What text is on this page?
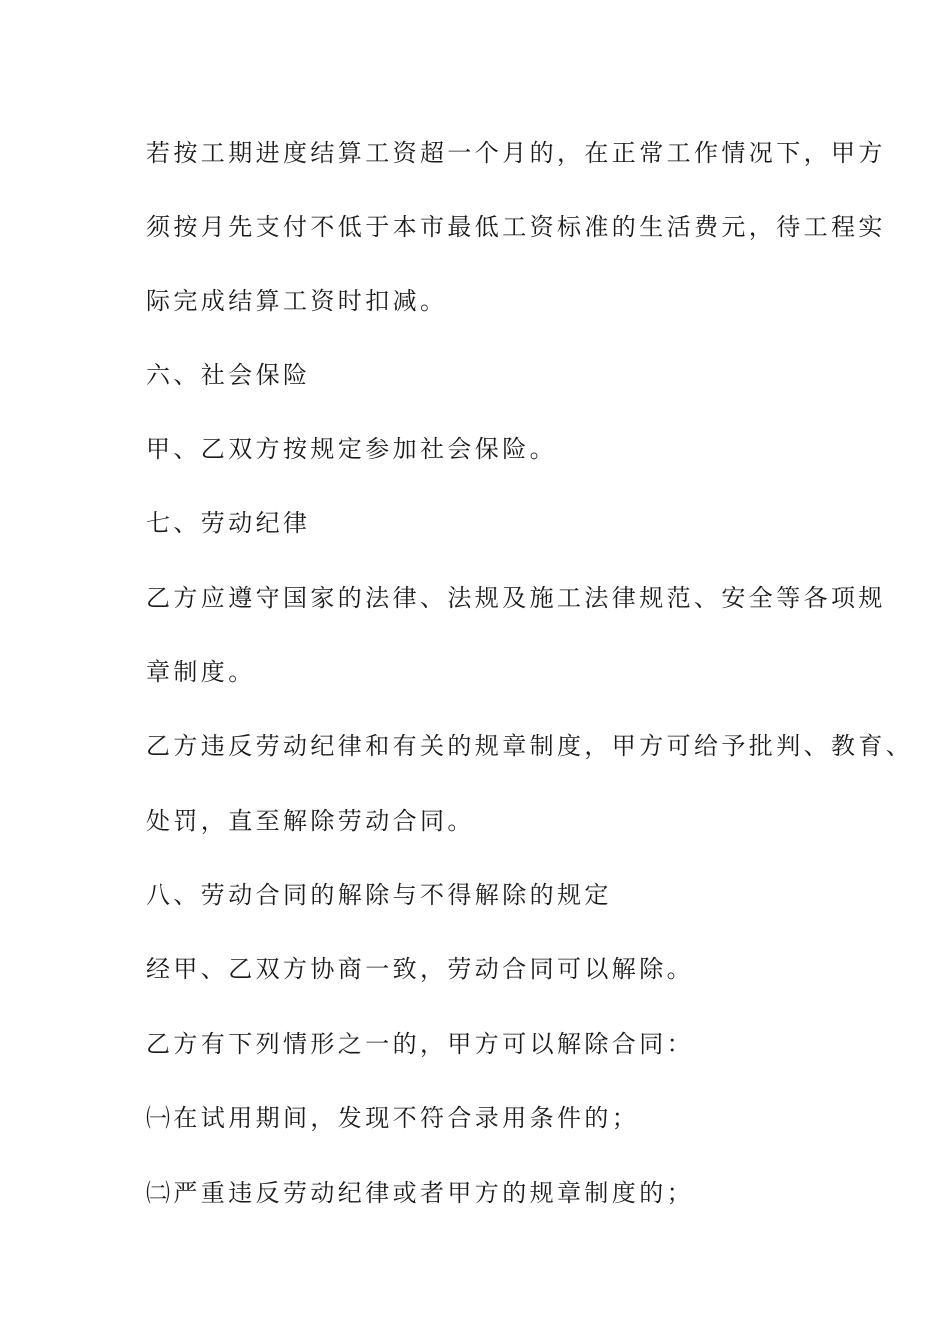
若按工期进度结算工资超一个月的，在正常工作情况下，甲方
须按月先支付不低于本市最低工资标准的生活费元，待工程实
际完成结算工资时扣减。
六、社会保险
甲、乙双方按规定参加社会保险。
七、劳动纪律
乙方应遵守国家的法律、法规及施工法律规范、安全等各项规
章制度。
乙方违反劳动纪律和有关的规章制度，甲方可给予批判、教育、
处罚，直至解除劳动合同。
八、劳动合同的解除与不得解除的规定
经甲、乙双方协商一致，劳动合同可以解除。
乙方有下列情形之一的，甲方可以解除合同：
㈠在试用期间，发现不符合录用条件的；
㈡严重违反劳动纪律或者甲方的规章制度的；
